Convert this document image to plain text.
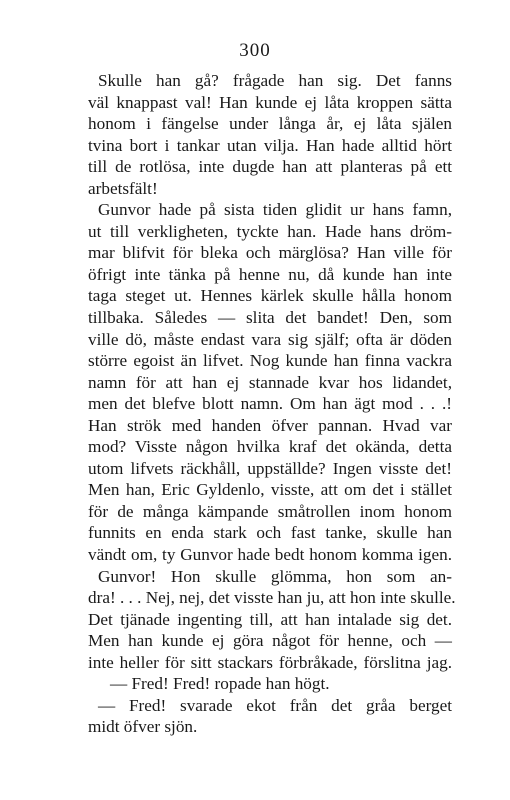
300
Skulle han gå? frågade han sig. Det fanns
väl knappast val! Han kunde ej låta kroppen sätta
honom i fängelse under långa år, ej låta själen
tvina bort i tankar utan vilja. Han hade alltid hört
till de rotlösa, inte dugde han att planteras på ett
arbetsfält!
Gunvor hade på sista tiden glidit ur hans famn,
ut till verkligheten, tyckte han. Hade hans dröm-
mar blifvit för bleka och märglösa? Han ville för
öfrigt inte tänka på henne nu, då kunde han inte
taga steget ut. Hennes kärlek skulle hålla honom
tillbaka. Således — slita det bandet! Den, som
ville dö, måste endast vara sig själf; ofta är döden
större egoist än lifvet. Nog kunde han finna vackra
namn för att han ej stannade kvar hos lidandet,
men det blefve blott namn. Om han ägt mod . . .!
Han strök med handen öfver pannan. Hvad var
mod? Visste någon hvilka kraf det okända, detta
utom lifvets räckhåll, uppställde? Ingen visste det!
Men han, Eric Gyldenlo, visste, att om det i stället
för de många kämpande småtrollen inom honom
funnits en enda stark och fast tanke, skulle han
vändt om, ty Gunvor hade bedt honom komma igen.
Gunvor! Hon skulle glömma, hon som an-
dra! . . . Nej, nej, det visste han ju, att hon inte skulle.
Det tjänade ingenting till, att han intalade sig det.
Men han kunde ej göra något för henne, och —
inte heller för sitt stackars förbråkade, förslitna jag.
— Fred! Fred! ropade han högt.
— Fred! svarade ekot från det gråa berget
midt öfver sjön.
